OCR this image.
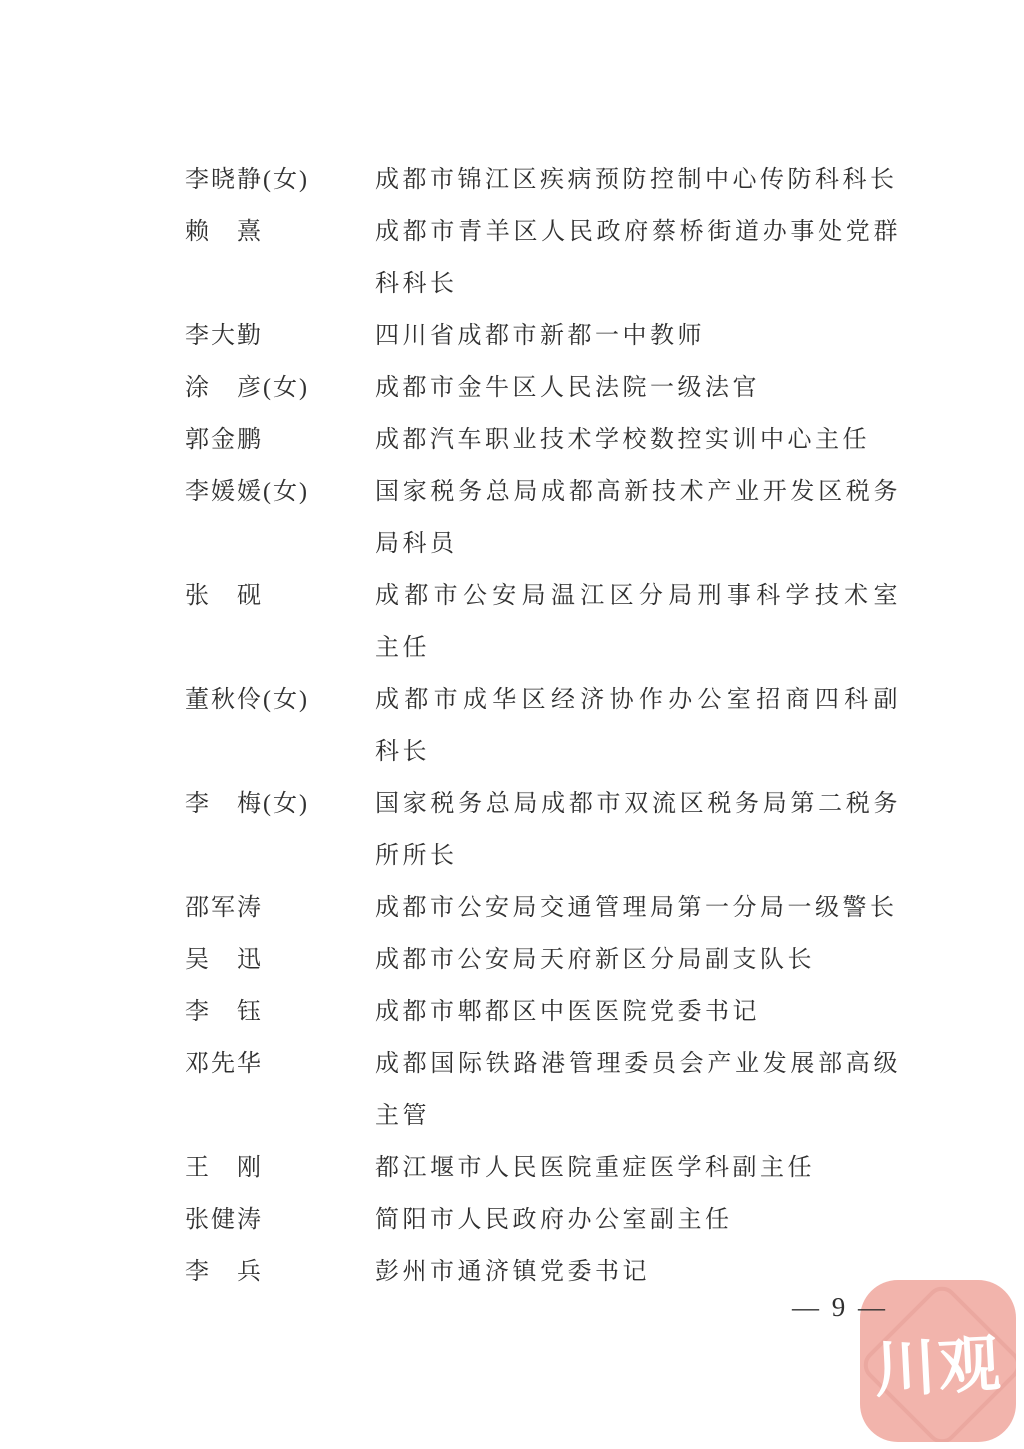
李晓静(女)	成都市锦江区疾病预防控制中心传防科科长
赖　熹	成都市青羊区人民政府蔡桥街道办事处党群
科科长
李大勤	四川省成都市新都一中教师
涂　彦(女)	成都市金牛区人民法院一级法官
郭金鹏	成都汽车职业技术学校数控实训中心主任
李媛媛(女)	国家税务总局成都高新技术产业开发区税务
局科员
张　砚	成都市公安局温江区分局刑事科学技术室
主任
董秋伶(女)	成都市成华区经济协作办公室招商四科副
科长
李　梅(女)	国家税务总局成都市双流区税务局第二税务
所所长
邵军涛	成都市公安局交通管理局第一分局一级警长
吴　迅	成都市公安局天府新区分局副支队长
李　钰	成都市郫都区中医医院党委书记
邓先华	成都国际铁路港管理委员会产业发展部高级
主管
王　刚	都江堰市人民医院重症医学科副主任
张健涛	简阳市人民政府办公室副主任
李　兵	彭州市通济镇党委书记
— 9 —
川观
